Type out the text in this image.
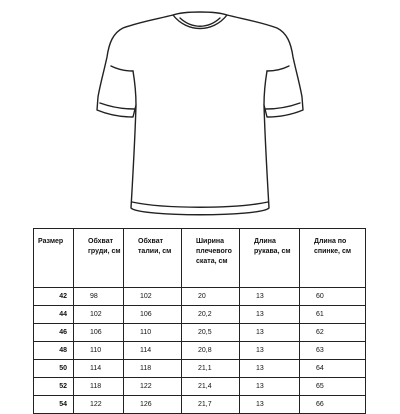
Размер	Обхват груди, см	Обхват талии, см	Ширина плечевого ската, см	Длина рукава, см	Длина по спинке, см
42	98	102	20	13	60
44	102	106	20,2	13	61
46	106	110	20,5	13	62
48	110	114	20,8	13	63
50	114	118	21,1	13	64
52	118	122	21,4	13	65
54	122	126	21,7	13	66
